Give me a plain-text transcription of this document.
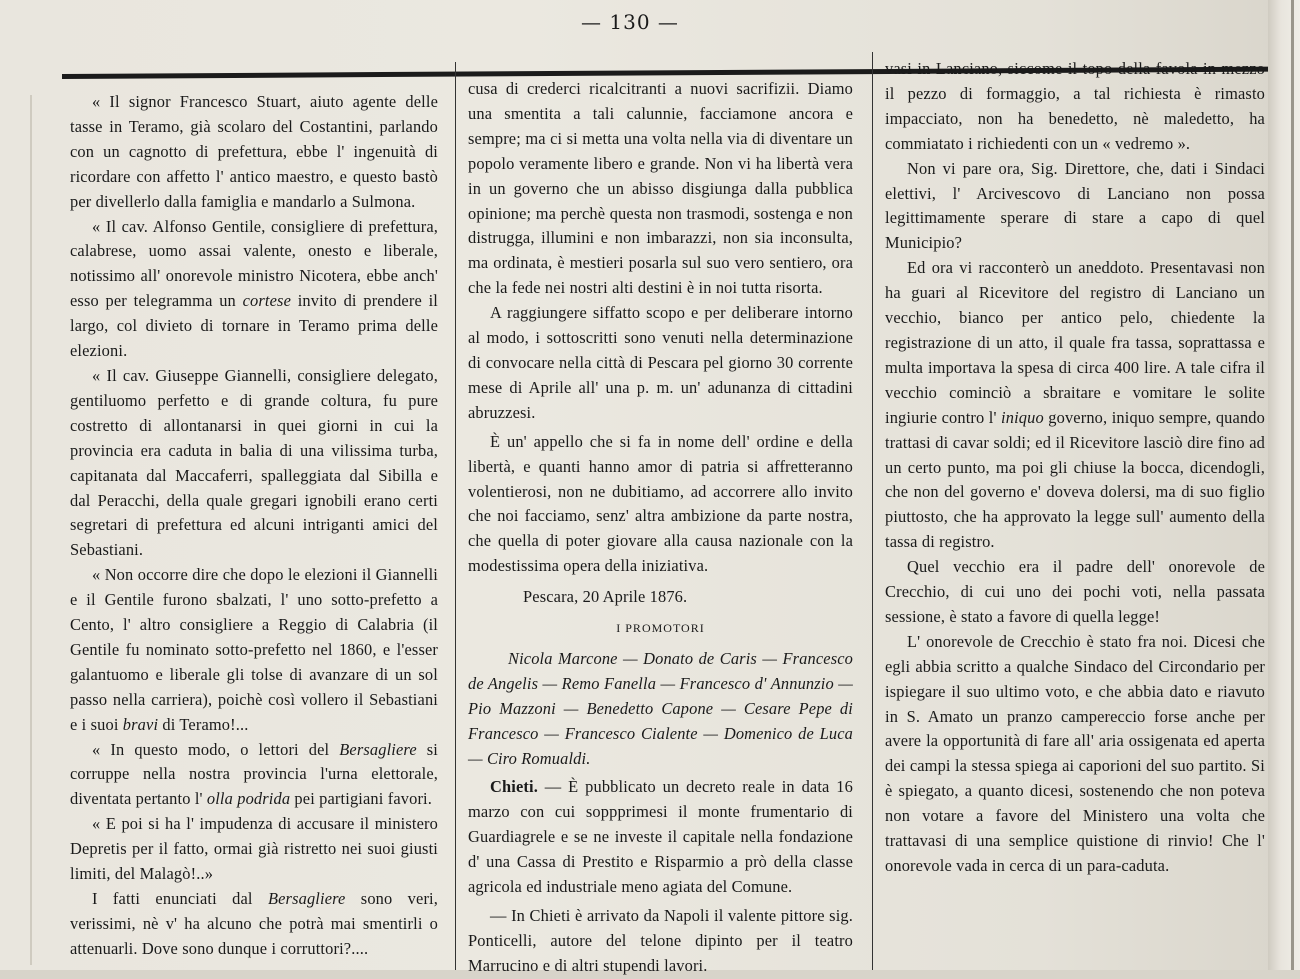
— 130 —

« Il signor Francesco Stuart, aiuto agente delle tasse in Teramo, già scolaro del Costantini, parlando con un cagnotto di prefettura, ebbe l' ingenuità di ricordare con affetto l' antico maestro, e questo bastò per divellerlo dalla famiglia e mandarlo a Sulmona.

« Il cav. Alfonso Gentile, consigliere di prefettura, calabrese, uomo assai valente, onesto e liberale, notissimo all' onorevole ministro Nicotera, ebbe anch' esso per telegramma un cortese invito di prendere il largo, col divieto di tornare in Teramo prima delle elezioni.

« Il cav. Giuseppe Giannelli, consigliere delegato, gentiluomo perfetto e di grande coltura, fu pure costretto di allontanarsi in quei giorni in cui la provincia era caduta in balia di una vilissima turba, capitanata dal Maccaferri, spalleggiata dal Sibilla e dal Peracchi, della quale gregari ignobili erano certi segretari di prefettura ed alcuni intriganti amici del Sebastiani.

« Non occorre dire che dopo le elezioni il Giannelli e il Gentile furono sbalzati, l' uno sotto-prefetto a Cento, l' altro consigliere a Reggio di Calabria (il Gentile fu nominato sotto-prefetto nel 1860, e l'esser galantuomo e liberale gli tolse di avanzare di un sol passo nella carriera), poichè così vollero il Sebastiani e i suoi bravi di Teramo!...

« In questo modo, o lettori del Bersagliere si corruppe nella nostra provincia l'urna elettorale, diventata pertanto l' olla podrida pei partigiani favori.

« E poi si ha l' impudenza di accusare il ministero Depretis per il fatto, ormai già ristretto nei suoi giusti limiti, del Malagò!..»

I fatti enunciati dal Bersagliere sono veri, verissimi, nè v' ha alcuno che potrà mai smentirli o attenuarli. Dove sono dunque i corruttori?....

cusa di crederci ricalcitranti a nuovi sacrifizii. Diamo una smentita a tali calunnie, facciamone ancora e sempre; ma ci si metta una volta nella via di diventare un popolo veramente libero e grande. Non vi ha libertà vera in un governo che un abisso disgiunga dalla pubblica opinione; ma perchè questa non trasmodi, sostenga e non distrugga, illumini e non imbarazzi, non sia inconsulta, ma ordinata, è mestieri posarla sul suo vero sentiero, ora che la fede nei nostri alti destini è in noi tutta risorta.

A raggiungere siffatto scopo e per deliberare intorno al modo, i sottoscritti sono venuti nella determinazione di convocare nella città di Pescara pel giorno 30 corrente mese di Aprile all' una p. m. un' adunanza di cittadini abruzzesi.

È un' appello che si fa in nome dell' ordine e della libertà, e quanti hanno amor di patria si affretteranno volentierosi, non ne dubitiamo, ad accorrere allo invito che noi facciamo, senz' altra ambizione da parte nostra, che quella di poter giovare alla causa nazionale con la modestissima opera della iniziativa.

Pescara, 20 Aprile 1876.

I PROMOTORI

Nicola Marcone — Donato de Caris — Francesco de Angelis — Remo Fanella — Francesco d' Annunzio — Pio Mazzoni — Benedetto Capone — Cesare Pepe di Francesco — Francesco Cialente — Domenico de Luca — Ciro Romualdi.

Chieti. — È pubblicato un decreto reale in data 16 marzo con cui soppprimesi il monte frumentario di Guardiagrele e se ne investe il capitale nella fondazione d' una Cassa di Prestito e Risparmio a prò della classe agricola ed industriale meno agiata del Comune.

— In Chieti è arrivato da Napoli il valente pittore sig. Ponticelli, autore del telone dipinto per il teatro Marrucino e di altri stupendi lavori.

vasi in Lanciano, siccome il topo della favola in mezzo il pezzo di formaggio, a tal richiesta è rimasto impacciato, non ha benedetto, nè maledetto, ha commiatato i richiedenti con un « vedremo ».

Non vi pare ora, Sig. Direttore, che, dati i Sindaci elettivi, l' Arcivescovo di Lanciano non possa legittimamente sperare di stare a capo di quel Municipio?

Ed ora vi racconterò un aneddoto. Presentavasi non ha guari al Ricevitore del registro di Lanciano un vecchio, bianco per antico pelo, chiedente la registrazione di un atto, il quale fra tassa, soprattassa e multa importava la spesa di circa 400 lire. A tale cifra il vecchio cominciò a sbraitare e vomitare le solite ingiurie contro l' iniquo governo, iniquo sempre, quando trattasi di cavar soldi; ed il Ricevitore lasciò dire fino ad un certo punto, ma poi gli chiuse la bocca, dicendogli, che non del governo e' doveva dolersi, ma di suo figlio piuttosto, che ha approvato la legge sull' aumento della tassa di registro.

Quel vecchio era il padre dell' onorevole de Crecchio, di cui uno dei pochi voti, nella passata sessione, è stato a favore di quella legge!

L' onorevole de Crecchio è stato fra noi. Dicesi che egli abbia scritto a qualche Sindaco del Circondario per ispiegare il suo ultimo voto, e che abbia dato e riavuto in S. Amato un pranzo campereccio forse anche per avere la opportunità di fare all' aria ossigenata ed aperta dei campi la stessa spiega ai caporioni del suo partito. Si è spiegato, a quanto dicesi, sostenendo che non poteva non votare a favore del Ministero una volta che trattavasi di una semplice quistione di rinvio! Che l' onorevole vada in cerca di un para-caduta.
